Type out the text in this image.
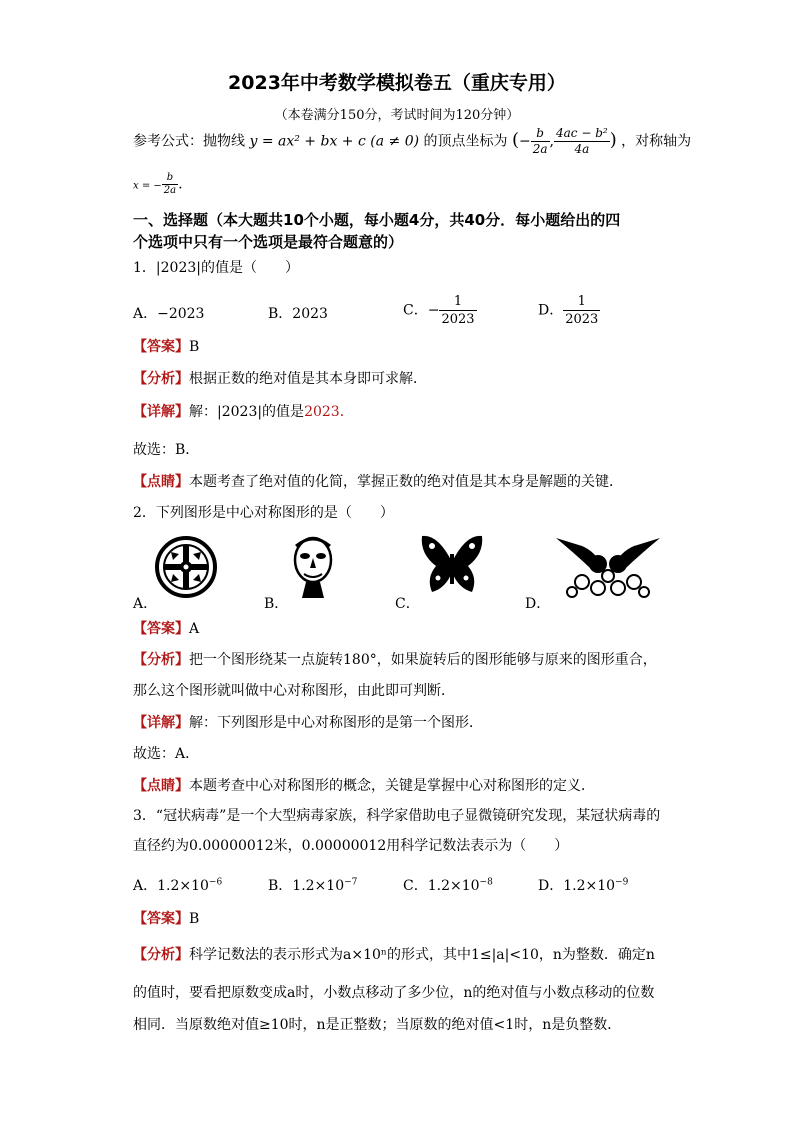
2023年中考数学模拟卷五（重庆专用）
（本卷满分150分，考试时间为120分钟）
参考公式：抛物线 y = ax² + bx + c (a ≠ 0) 的顶点坐标为 (− $\frac{b}{2a}$ , $\frac{\text{4ac − b²}}{4a}$ ) ，对称轴为
x = − $\frac{b}{2a}$ .
一、选择题（本大题共10个小题，每小题4分，共40分．每小题给出的四
个选项中只有一个选项是最符合题意的）
1．|2023|的值是（　　）
A．−2023	B．2023	C．− $\frac{1}{2023}$	D． $\frac{1}{2023}$
【答案】B
【分析】根据正数的绝对值是其本身即可求解．
【详解】解：|2023|的值是2023．
故选：B．
【点睛】本题考查了绝对值的化简，掌握正数的绝对值是其本身是解题的关键．
2．下列图形是中心对称图形的是（　　）
A．	B．	C．	D．
【答案】A
【分析】把一个图形绕某一点旋转180°，如果旋转后的图形能够与原来的图形重合，
那么这个图形就叫做中心对称图形，由此即可判断．
【详解】解：下列图形是中心对称图形的是第一个图形．
故选：A．
【点睛】本题考查中心对称图形的概念，关键是掌握中心对称图形的定义．
3．“冠状病毒”是一个大型病毒家族，科学家借助电子显微镜研究发现，某冠状病毒的
直径约为0.00000012米，0.00000012用科学记数法表示为（　　）
A．$1.2\times 10^{-6}$	B．$1.2\times 10^{-7}$	C．$1.2\times 10^{-8}$	D．$1.2\times 10^{-9}$
【答案】B
【分析】科学记数法的表示形式为a×10ⁿ的形式，其中1≤|a|<10，n为整数．确定n
的值时，要看把原数变成a时，小数点移动了多少位，n的绝对值与小数点移动的位数
相同．当原数绝对值≥10时，n是正整数；当原数的绝对值<1时，n是负整数．
